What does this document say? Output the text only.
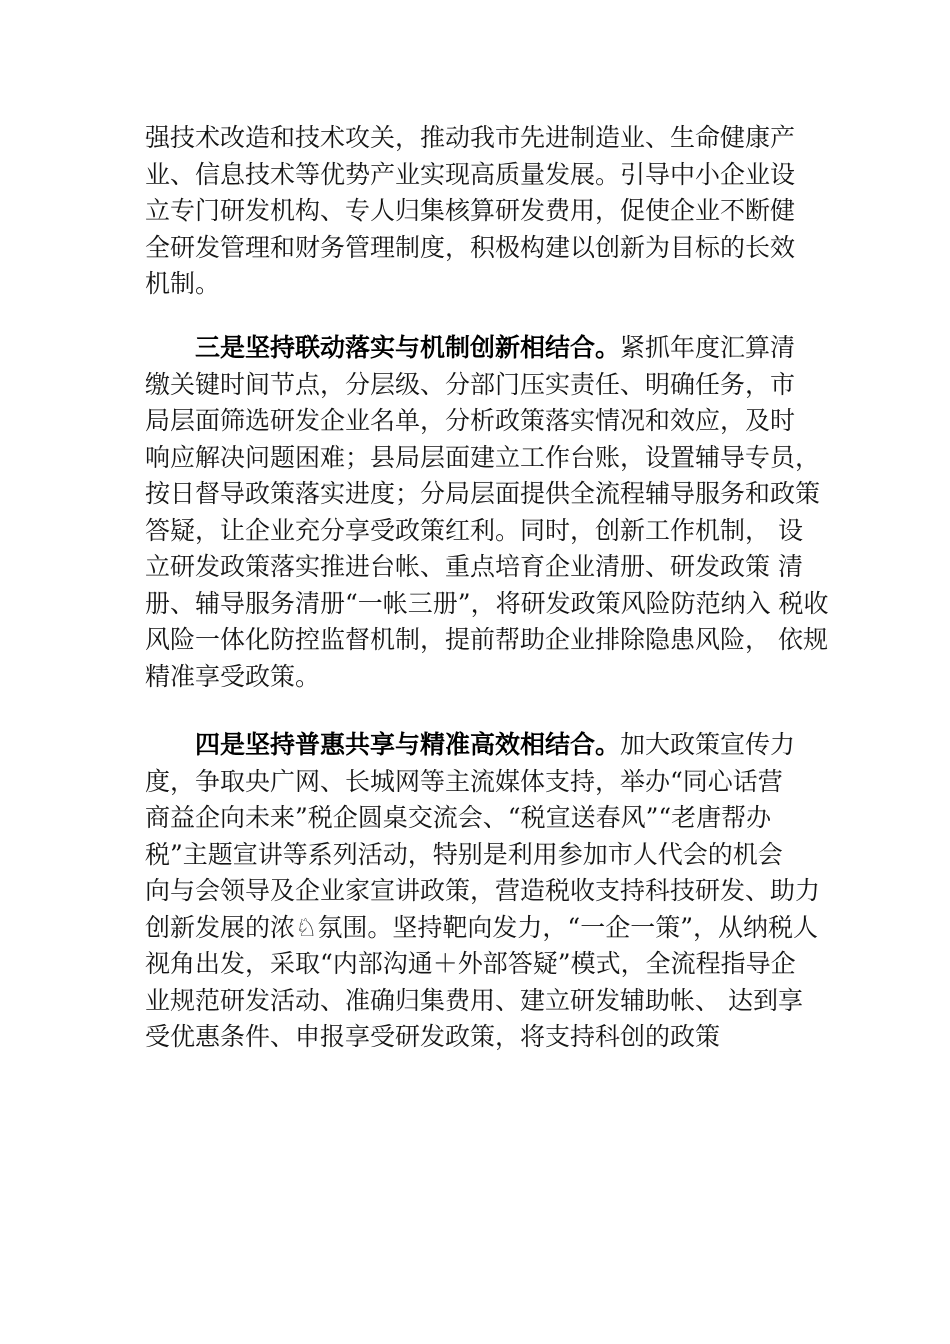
强技术改造和技术攻关，推动我市先进制造业、生命健康产
业、信息技术等优势产业实现高质量发展。引导中小企业设
立专门研发机构、专人归集核算研发费用，促使企业不断健
全研发管理和财务管理制度，积极构建以创新为目标的长效
机制。
三是坚持联动落实与机制创新相结合。紧抓年度汇算清
缴关键时间节点，分层级、分部门压实责任、明确任务，市
局层面筛选研发企业名单，分析政策落实情况和效应，及时
响应解决问题困难；县局层面建立工作台账，设置辅导专员，
按日督导政策落实进度；分局层面提供全流程辅导服务和政策
答疑，让企业充分享受政策红利。同时，创新工作机制， 设
立研发政策落实推进台帐、重点培育企业清册、研发政策 清
册、辅导服务清册“一帐三册”，将研发政策风险防范纳入 税收
风险一体化防控监督机制，提前帮助企业排除隐患风险， 依规
精准享受政策。
四是坚持普惠共享与精准高效相结合。加大政策宣传力
度，争取央广网、长城网等主流媒体支持，举办“同心话营
商益企向未来”税企圆桌交流会、“税宣送春风”“老唐帮办
税”主题宣讲等系列活动，特别是利用参加市人代会的机会
向与会领导及企业家宣讲政策，营造税收支持科技研发、助力
创新发展的浓♘氛围。坚持靶向发力，“一企一策”，从纳税人
视角出发，采取“内部沟通＋外部答疑”模式，全流程指导企
业规范研发活动、准确归集费用、建立研发辅助帐、 达到享
受优惠条件、申报享受研发政策，将支持科创的政策
